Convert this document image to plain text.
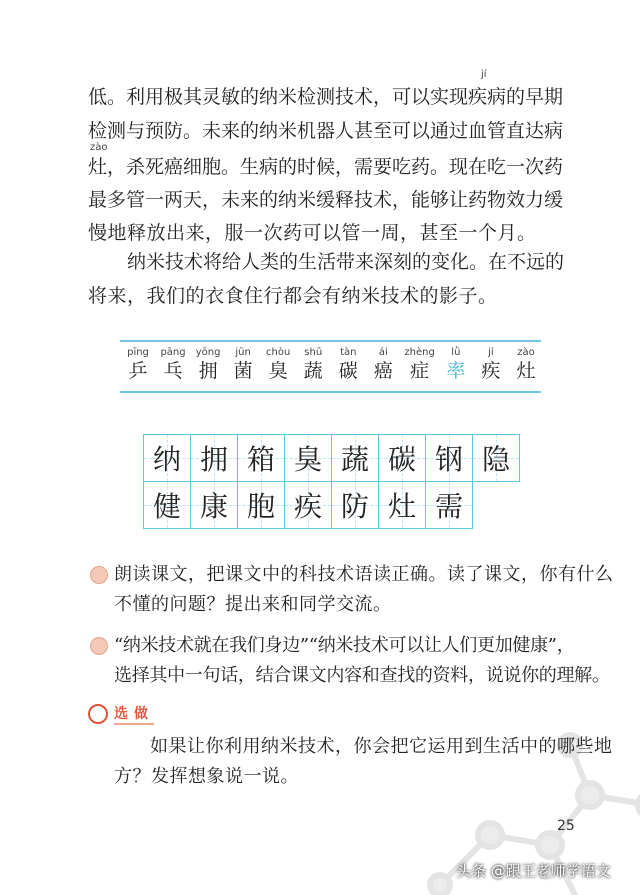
jí
zào
低。利用极其灵敏的纳米检测技术，可以实现疾病的早期
检测与预防。未来的纳米机器人甚至可以通过血管直达病
灶，杀死癌细胞。生病的时候，需要吃药。现在吃一次药
最多管一两天，未来的纳米缓释技术，能够让药物效力缓
慢地释放出来，服一次药可以管一周，甚至一个月。
纳米技术将给人类的生活带来深刻的变化。在不远的
将来，我们的衣食住行都会有纳米技术的影子。
pīng
乒
pāng
乓
yōng
拥
jūn
菌
chòu
臭
shū
蔬
tàn
碳
ái
癌
zhèng
症
lǜ
率
jí
疾
zào
灶
纳 拥 箱 臭 蔬 碳 钢 隐
健 康 胞 疾 防 灶 需
朗读课文，把课文中的科技术语读正确。读了课文，你有什么
不懂的问题？提出来和同学交流。
“纳米技术就在我们身边”“纳米技术可以让人们更加健康”，
选择其中一句话，结合课文内容和查找的资料，说说你的理解。
选做
如果让你利用纳米技术，你会把它运用到生活中的哪些地
方？发挥想象说一说。
25
头条 @跟王老师学语文
